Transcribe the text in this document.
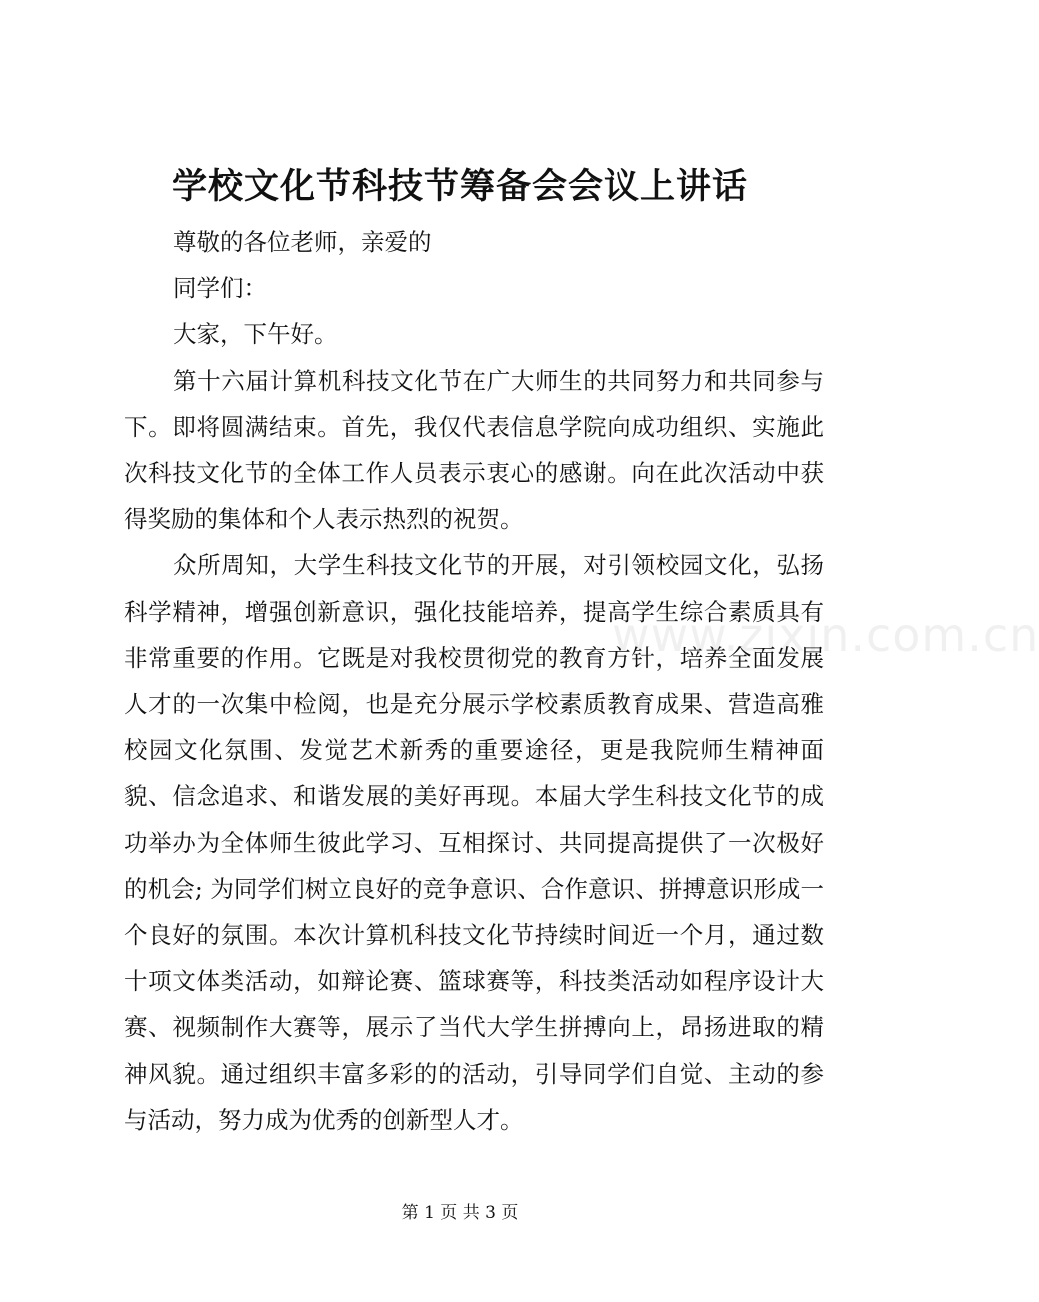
学校文化节科技节筹备会会议上讲话

尊敬的各位老师，亲爱的

同学们：

大家，下午好。

第十六届计算机科技文化节在广大师生的共同努力和共同参与下。即将圆满结束。首先，我仅代表信息学院向成功组织、实施此次科技文化节的全体工作人员表示衷心的感谢。向在此次活动中获得奖励的集体和个人表示热烈的祝贺。

众所周知，大学生科技文化节的开展，对引领校园文化，弘扬科学精神，增强创新意识，强化技能培养，提高学生综合素质具有非常重要的作用。它既是对我校贯彻党的教育方针，培养全面发展人才的一次集中检阅，也是充分展示学校素质教育成果、营造高雅校园文化氛围、发觉艺术新秀的重要途径，更是我院师生精神面貌、信念追求、和谐发展的美好再现。本届大学生科技文化节的成功举办为全体师生彼此学习、互相探讨、共同提高提供了一次极好的机会; 为同学们树立良好的竞争意识、合作意识、拼搏意识形成一个良好的氛围。本次计算机科技文化节持续时间近一个月，通过数十项文体类活动，如辩论赛、篮球赛等，科技类活动如程序设计大赛、视频制作大赛等，展示了当代大学生拼搏向上，昂扬进取的精神风貌。通过组织丰富多彩的的活动，引导同学们自觉、主动的参与活动，努力成为优秀的创新型人才。

www.zixin.com.cn
第 1 页 共 3 页
